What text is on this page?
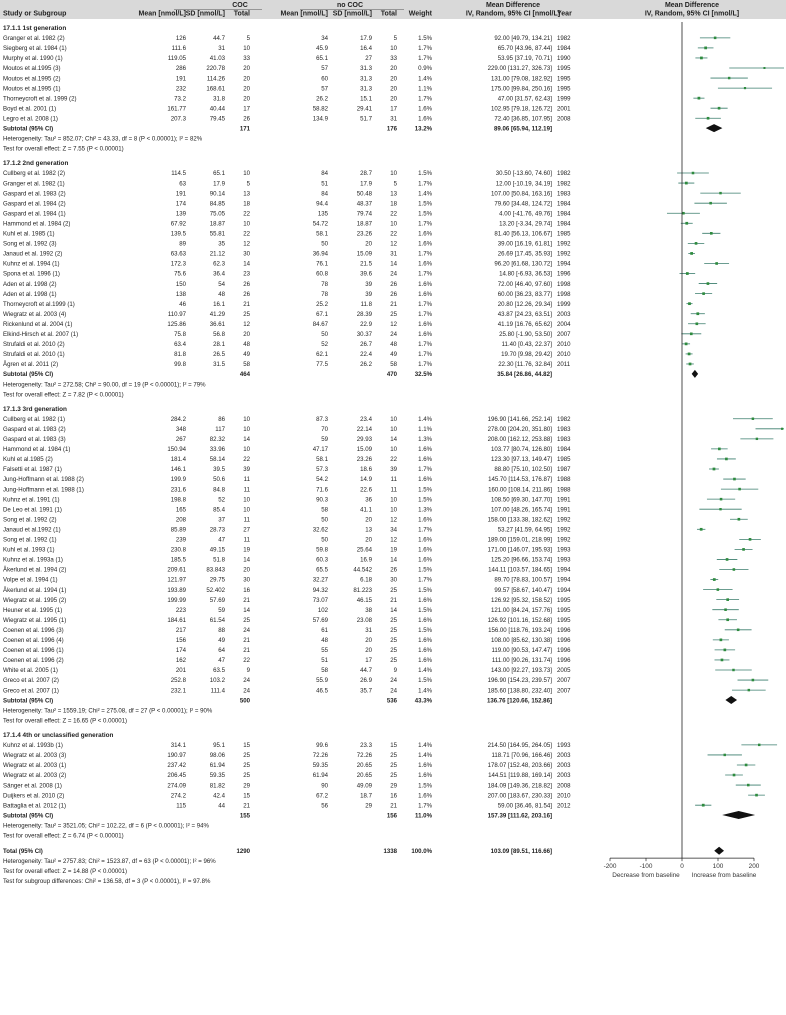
COC	no COC
Study or Subgroup	Mean [nmol/L] SD [nmol/L] Total	Mean [nmol/L] SD [nmol/L] Total Weight
Mean Difference
IV, Random, 95% CI [nmol/L]
Year
Mean Difference
IV, Random, 95% CI [nmol/L]
17.1.1 1st generation
Granger et al. 1982 (2)	126	44.7	5	34	17.9	5	1.5%	92.00 [49.79, 134.21] 1982
Siegberg et al. 1984 (1)	111.6	31	10	45.9	16.4	10	1.7%	65.70 [43.96, 87.44] 1984
Murphy et al. 1990 (1)	119.05	41.03	33	65.1	27	33	1.7%	53.95 [37.19, 70.71] 1990
Moutos et al.1995 (3)	286	220.78	20	57	31.3	20	0.9%	229.00 [131.27, 326.73] 1995
Moutos et al.1995 (2)	191	114.26	20	60	31.3	20	1.4%	131.00 [79.08, 182.92] 1995
Moutos et al.1995 (1)	232	168.61	20	57	31.3	20	1.1%	175.00 [99.84, 250.16] 1995
Thorneycroft et al. 1999 (2)	73.2	31.8	20	26.2	15.1	20	1.7%	47.00 [31.57, 62.43] 1999
Boyd et al. 2001 (1)	161.77	40.44	17	58.82	29.41	17	1.6%	102.95 [79.18, 126.72] 2001
Legro et al. 2008 (1)	207.3	79.45	26	134.9	51.7	31	1.6%	72.40 [36.85, 107.95] 2008
Subtotal (95% CI)	171	176	13.2%	89.06 [65.94, 112.19]
Heterogeneity: Tau² = 852.07; Chi² = 43.33, df = 8 (P < 0.00001); I² = 82%
Test for overall effect: Z = 7.55 (P < 0.00001)
17.1.2 2nd generation
Cullberg et al. 1982 (2)	114.5	65.1	10	84	28.7	10	1.5%	30.50 [-13.60, 74.60] 1982
Granger et al. 1982 (1)	63	17.9	5	51	17.9	5	1.7%	12.00 [-10.19, 34.19] 1982
Gaspard et al. 1983 (2)	191	90.14	13	84	50.48	13	1.4%	107.00 [50.84, 163.16] 1983
Gaspard et al. 1984 (2)	174	84.85	18	94.4	48.37	18	1.5%	79.60 [34.48, 124.72] 1984
Gaspard et al. 1984 (1)	139	75.05	22	135	79.74	22	1.5%	4.00 [-41.76, 49.76] 1984
Hammond et al. 1984 (2)	67.92	18.87	10	54.72	18.87	10	1.7%	13.20 [-3.34, 29.74] 1984
Kuhl et al. 1985 (1)	139.5	55.81	22	58.1	23.26	22	1.6%	81.40 [56.13, 106.67] 1985
Song et al. 1992 (3)	89	35	12	50	20	12	1.6%	39.00 [16.19, 61.81] 1992
Janaud et al. 1992 (2)	63.63	21.12	30	36.94	15.09	31	1.7%	26.69 [17.45, 35.93] 1992
Kuhnz et al. 1994 (1)	172.3	62.3	14	76.1	21.5	14	1.6%	96.20 [61.68, 130.72] 1994
Spona et al. 1996 (1)	75.6	36.4	23	60.8	39.6	24	1.7%	14.80 [-6.93, 36.53] 1996
Aden et al. 1998 (2)	150	54	26	78	39	26	1.6%	72.00 [46.40, 97.60] 1998
Aden et al. 1998 (1)	138	48	26	78	39	26	1.6%	60.00 [36.23, 83.77] 1998
Thorneycroft et al.1999 (1)	46	16.1	21	25.2	11.8	21	1.7%	20.80 [12.26, 29.34] 1999
Wiegratz et al. 2003 (4)	110.97	41.29	25	67.1	28.39	25	1.7%	43.87 [24.23, 63.51] 2003
Rickenlund et al. 2004 (1)	125.86	36.61	12	84.67	22.9	12	1.6%	41.19 [16.76, 65.62] 2004
Elkind-Hirsch et al. 2007 (1)	75.8	56.8	20	50	30.37	24	1.6%	25.80 [-1.90, 53.50] 2007
Strufaldi et al. 2010 (2)	63.4	28.1	48	52	26.7	48	1.7%	11.40 [0.43, 22.37] 2010
Strufaldi et al. 2010 (1)	81.8	26.5	49	62.1	22.4	49	1.7%	19.70 [9.98, 29.42] 2010
Ågren et al. 2011 (2)	99.8	31.5	58	77.5	26.2	58	1.7%	22.30 [11.76, 32.84] 2011
Subtotal (95% CI)	464	470	32.5%	35.84 [26.86, 44.82]
Heterogeneity: Tau² = 272.58; Chi² = 90.00, df = 19 (P < 0.00001); I² = 79%
Test for overall effect: Z = 7.82 (P < 0.00001)
17.1.3 3rd generation
Cullberg et al. 1982 (1)	284.2	86	10	87.3	23.4	10	1.4%	196.90 [141.66, 252.14] 1982
Gaspard et al. 1983 (2)	348	117	10	70	22.14	10	1.1%	278.00 [204.20, 351.80] 1983
Gaspard et al. 1983 (3)	267	82.32	14	59	29.93	14	1.3%	208.00 [162.12, 253.88] 1983
Hammond et al. 1984 (1)	150.94	33.96	10	47.17	15.09	10	1.6%	103.77 [80.74, 126.80] 1984
Kuhl et al.1985 (2)	181.4	58.14	22	58.1	23.26	22	1.6%	123.30 [97.13, 149.47] 1985
Falsetti et al. 1987 (1)	146.1	39.5	39	57.3	18.6	39	1.7%	88.80 [75.10, 102.50] 1987
Jung-Hoffmann et al. 1988 (2)	199.9	50.6	11	54.2	14.9	11	1.6%	145.70 [114.53, 176.87] 1988
Jung-Hoffmann et al. 1988 (1)	231.6	84.8	11	71.6	22.6	11	1.5%	160.00 [108.14, 211.86] 1988
Kuhnz et al. 1991 (1)	198.8	52	10	90.3	36	10	1.5%	108.50 [69.30, 147.70] 1991
De Leo et al. 1991 (1)	165	85.4	10	58	41.1	10	1.3%	107.00 [48.26, 165.74] 1991
Song et al. 1992 (2)	208	37	11	50	20	12	1.6%	158.00 [133.38, 182.62] 1992
Janaud et al.1992 (1)	85.89	28.73	27	32.62	13	34	1.7%	53.27 [41.59, 64.95] 1992
Song et al. 1992 (1)	239	47	11	50	20	12	1.6%	189.00 [159.01, 218.99] 1992
Kuhl et al. 1993 (1)	230.8	49.15	19	59.8	25.64	19	1.6%	171.00 [146.07, 195.93] 1993
Kuhnz et al. 1993a (1)	185.5	51.8	14	60.3	16.9	14	1.6%	125.20 [96.66, 153.74] 1993
Åkerlund et al. 1994 (2)	209.61	83.843	20	65.5	44.542	26	1.5%	144.11 [103.57, 184.65] 1994
Volpe et al. 1994 (1)	121.97	29.75	30	32.27	6.18	30	1.7%	89.70 [78.83, 100.57] 1994
Åkerlund et al. 1994 (1)	193.89	52.402	16	94.32	81.223	25	1.5%	99.57 [58.67, 140.47] 1994
Wiegratz et al. 1995 (2)	199.99	57.69	21	73.07	46.15	21	1.6%	126.92 [95.32, 158.52] 1995
Heuner et al. 1995 (1)	223	59	14	102	38	14	1.5%	121.00 [84.24, 157.76] 1995
Wiegratz et al. 1995 (1)	184.61	61.54	25	57.69	23.08	25	1.6%	126.92 [101.16, 152.68] 1995
Coenen et al. 1996 (3)	217	88	24	61	31	25	1.5%	156.00 [118.76, 193.24] 1996
Coenen et al. 1996 (4)	156	49	21	48	20	25	1.6%	108.00 [85.62, 130.38] 1996
Coenen et al. 1996 (1)	174	64	21	55	20	25	1.6%	119.00 [90.53, 147.47] 1996
Coenen et al. 1996 (2)	162	47	22	51	17	25	1.6%	111.00 [90.26, 131.74] 1996
White et al. 2005 (1)	201	63.5	9	58	44.7	9	1.4%	143.00 [92.27, 193.73] 2005
Greco et al. 2007 (2)	252.8	103.2	24	55.9	26.9	24	1.5%	196.90 [154.23, 239.57] 2007
Greco et al. 2007 (1)	232.1	111.4	24	46.5	35.7	24	1.4%	185.60 [138.80, 232.40] 2007
Subtotal (95% CI)	500	536	43.3%	136.76 [120.66, 152.86]
Heterogeneity: Tau² = 1559.19; Chi² = 275.08, df = 27 (P < 0.00001); I² = 90%
Test for overall effect: Z = 16.65 (P < 0.00001)
17.1.4 4th or unclassified generation
Kuhnz et al. 1993b (1)	314.1	95.1	15	99.6	23.3	15	1.4%	214.50 [164.95, 264.05] 1993
Wiegratz et al. 2003 (3)	190.97	98.06	25	72.26	72.26	25	1.4%	118.71 [70.96, 166.46] 2003
Wiegratz et al. 2003 (1)	237.42	61.94	25	59.35	20.65	25	1.6%	178.07 [152.48, 203.66] 2003
Wiegratz et al. 2003 (2)	206.45	59.35	25	61.94	20.65	25	1.6%	144.51 [119.88, 169.14] 2003
Sänger et al. 2008 (1)	274.09	81.82	29	90	49.09	29	1.5%	184.09 [149.36, 218.82] 2008
Duijkers et al. 2010 (2)	274.2	42.4	15	67.2	18.7	16	1.6%	207.00 [183.67, 230.33] 2010
Battaglia et al. 2012 (1)	115	44	21	56	29	21	1.7%	59.00 [36.46, 81.54] 2012
Subtotal (95% CI)	155	156	11.0%	157.39 [111.62, 203.16]
Heterogeneity: Tau² = 3521.05; Chi² = 102.22, df = 6 (P < 0.00001); I² = 94%
Test for overall effect: Z = 6.74 (P < 0.00001)
Total (95% CI)	1290	1338 100.0%	103.09 [89.51, 116.66]
Heterogeneity: Tau² = 2757.83; Chi² = 1523.87, df = 63 (P < 0.00001); I² = 96%
Test for overall effect: Z = 14.88 (P < 0.00001)
Test for subgroup differences: Chi² = 136.58, df = 3 (P < 0.00001), I² = 97.8%
-200	-100	0	100	200
Decrease from baseline Increase from baseline
